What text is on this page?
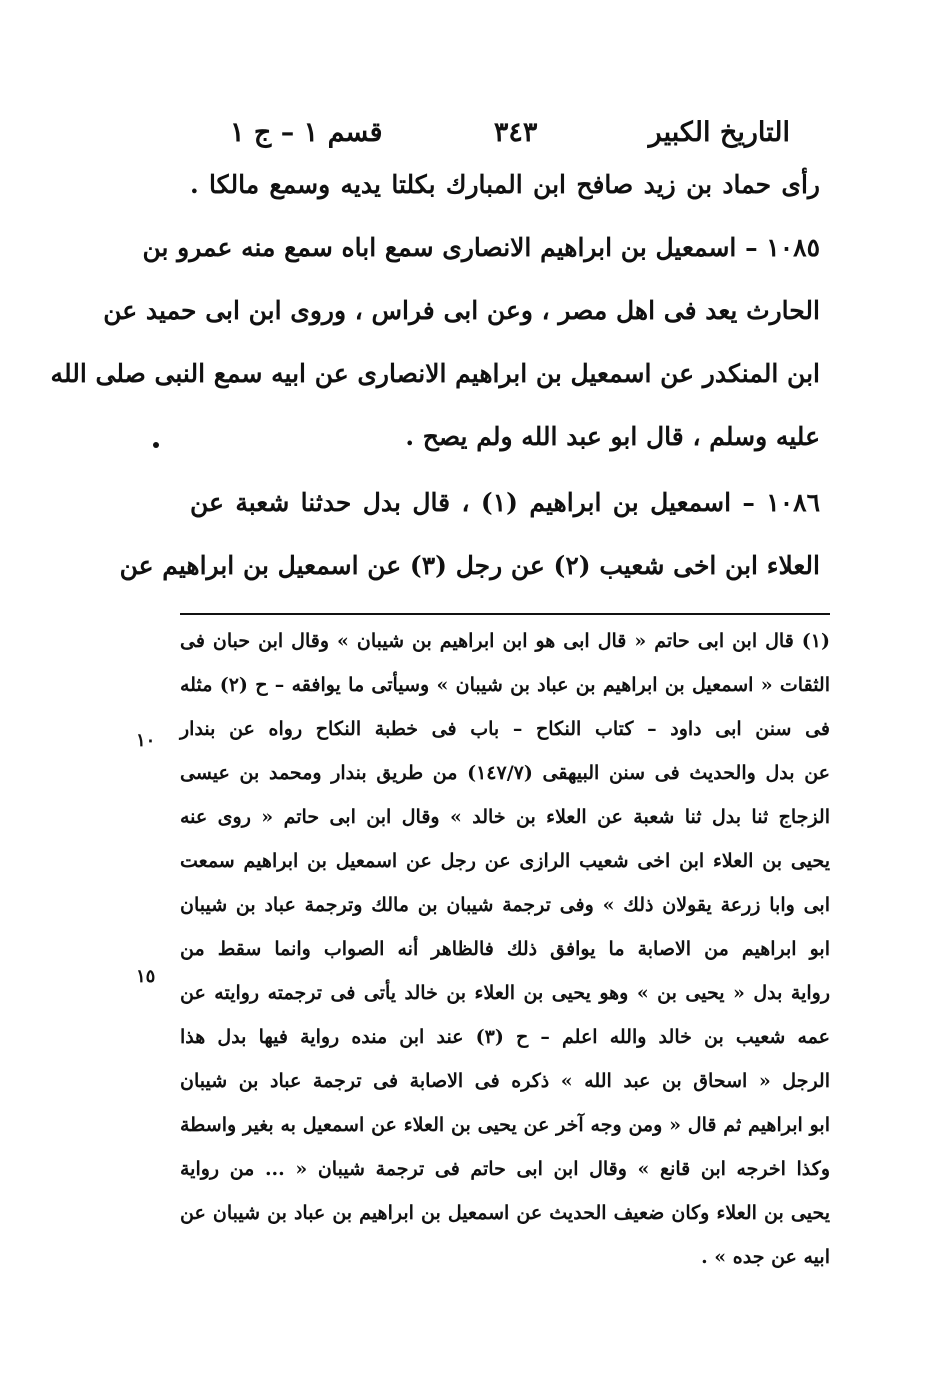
التاريخ الكبير
٣٤٣
قسم ١ – ج ١
رأى حماد بن زيد صافح ابن المبارك بكلتا يديه وسمع مالكا .
١٠٨٥ – اسمعيل بن ابراهيم الانصارى سمع اباه سمع منه عمرو بن
الحارث يعد فى اهل مصر ، وعن ابى فراس ، وروى ابن ابى حميد عن
ابن المنكدر عن اسمعيل بن ابراهيم الانصارى عن ابيه سمع النبى صلى الله
عليه وسلم ، قال ابو عبد الله ولم يصح .
١٠٨٦ – اسمعيل بن ابراهيم (١) ، قال بدل حدثنا شعبة عن
العلاء ابن اخى شعيب (٢) عن رجل (٣) عن اسمعيل بن ابراهيم عن
(١) قال ابن ابى حاتم « قال ابى هو ابن ابراهيم بن شيبان » وقال ابن حبان فى
الثقات « اسمعيل بن ابراهيم بن عباد بن شيبان » وسيأتى ما يوافقه – ح (٢) مثله
فى سنن ابى داود – كتاب النكاح – باب فى خطبة النكاح رواه عن بندار
عن بدل والحديث فى سنن البيهقى (١٤٧/٧) من طريق بندار ومحمد بن عيسى
الزجاج ثنا بدل ثنا شعبة عن العلاء بن خالد » وقال ابن ابى حاتم « روى عنه
يحيى بن العلاء ابن اخى شعيب الرازى عن رجل عن اسمعيل بن ابراهيم سمعت
ابى وابا زرعة يقولان ذلك » وفى ترجمة شيبان بن مالك وترجمة عباد بن شيبان
ابو ابراهيم من الاصابة ما يوافق ذلك فالظاهر أنه الصواب وانما سقط من
رواية بدل « يحيى بن » وهو يحيى بن العلاء بن خالد يأتى فى ترجمته روايته عن
عمه شعيب بن خالد والله اعلم – ح (٣) عند ابن منده رواية فيها بدل هذا
الرجل « اسحاق بن عبد الله » ذكره فى الاصابة فى ترجمة عباد بن شيبان
ابو ابراهيم ثم قال « ومن وجه آخر عن يحيى بن العلاء عن اسمعيل به بغير واسطة
وكذا اخرجه ابن قانع » وقال ابن ابى حاتم فى ترجمة شيبان « ... من رواية
يحيى بن العلاء وكان ضعيف الحديث عن اسمعيل بن ابراهيم بن عباد بن شيبان عن
ابيه عن جده » .
١٠
١٥
